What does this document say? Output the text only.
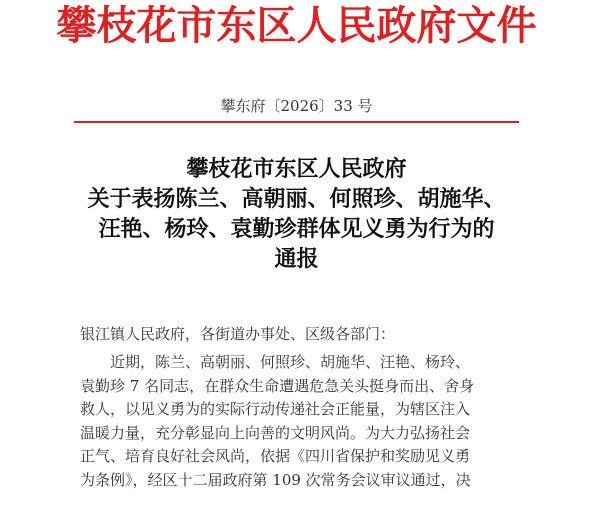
攀枝花市东区人民政府文件
攀东府〔2026〕33 号
攀枝花市东区人民政府
关于表扬陈兰、高朝丽、何照珍、胡施华、
汪艳、杨玲、袁勤珍群体见义勇为行为的
通报
银江镇人民政府，各街道办事处、区级各部门：
近期，陈兰、高朝丽、何照珍、胡施华、汪艳、杨玲、
袁勤珍 7 名同志，在群众生命遭遇危急关头挺身而出、舍身
救人，以见义勇为的实际行动传递社会正能量，为辖区注入
温暖力量，充分彰显向上向善的文明风尚。为大力弘扬社会
正气、培育良好社会风尚，依据《四川省保护和奖励见义勇
为条例》，经区十二届政府第 109 次常务会议审议通过，决
